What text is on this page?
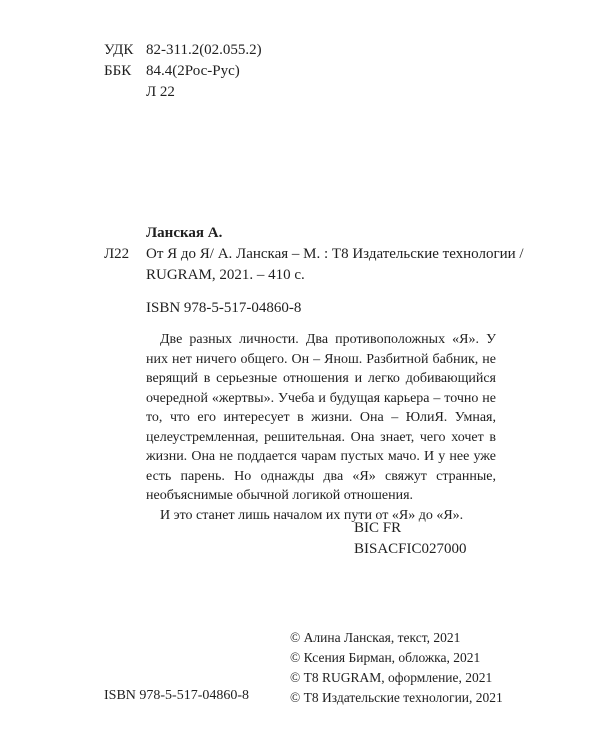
УДК 82-311.2(02.055.2)
ББК 84.4(2Рос-Рус)
Л 22
Л22
Ланская А.
От Я до Я/ А. Ланская – М. : Т8 Издательские технологии / RUGRAM, 2021. – 410 с.
ISBN 978-5-517-04860-8

Две разных личности. Два противоположных «Я». У них нет ничего общего. Он – Янош. Разбитной бабник, не верящий в серьезные отношения и легко добивающийся очередной «жертвы». Учеба и будущая карьера – точно не то, что его интересует в жизни. Она – ЮлиЯ. Умная, целеустремленная, решительная. Она знает, чего хочет в жизни. Она не поддается чарам пустых мачо. И у нее уже есть парень. Но однажды два «Я» свяжут странные, необъяснимые обычной логикой отношения.

И это станет лишь началом их пути от «Я» до «Я».

BIC FR
BISACFIC027000
ISBN 978-5-517-04860-8
© Алина Ланская, текст, 2021
© Ксения Бирман, обложка, 2021
© Т8 RUGRAM, оформление, 2021
© Т8 Издательские технологии, 2021
